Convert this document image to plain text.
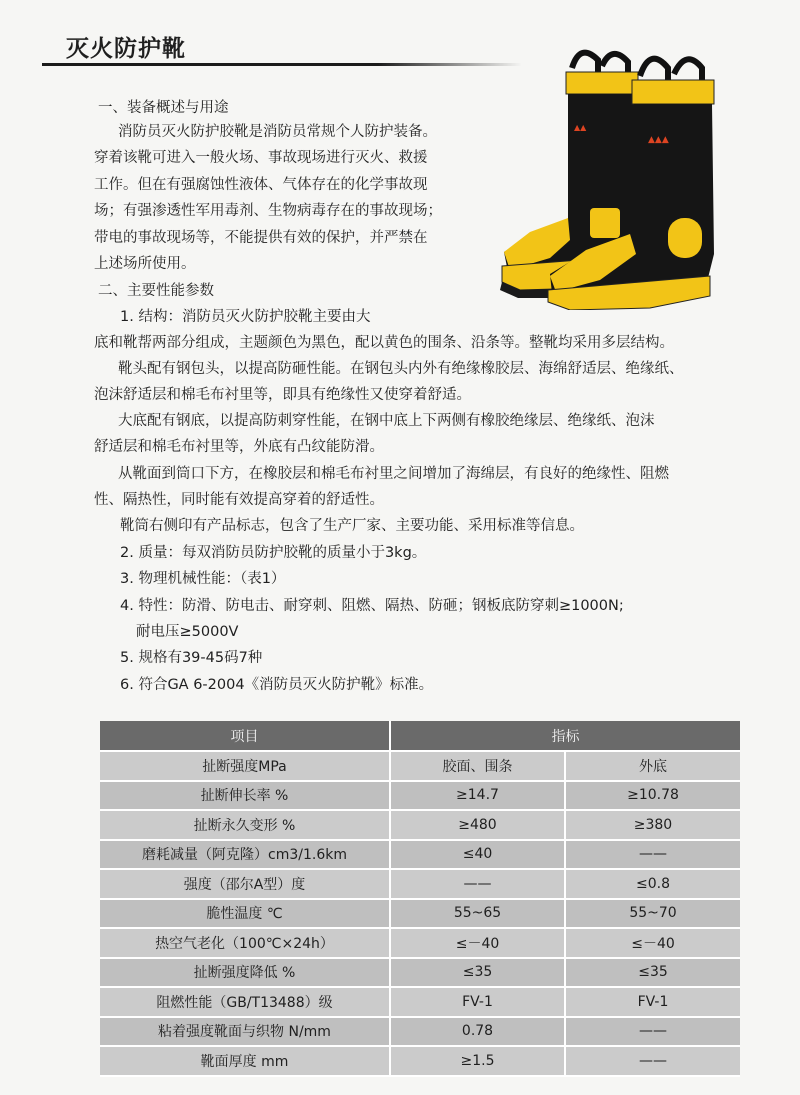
灭火防护靴
▲▲
▲▲▲
一、装备概述与用途
消防员灭火防护胶靴是消防员常规个人防护装备。
穿着该靴可进入一般火场、事故现场进行灭火、救援
工作。但在有强腐蚀性液体、气体存在的化学事故现
场；有强渗透性军用毒剂、生物病毒存在的事故现场；
带电的事故现场等，不能提供有效的保护，并严禁在
上述场所使用。
二、主要性能参数
1. 结构：消防员灭火防护胶靴主要由大
底和靴帮两部分组成，主题颜色为黑色，配以黄色的围条、沿条等。整靴均采用多层结构。
靴头配有钢包头，以提高防砸性能。在钢包头内外有绝缘橡胶层、海绵舒适层、绝缘纸、
泡沫舒适层和棉毛布衬里等，即具有绝缘性又使穿着舒适。
大底配有钢底，以提高防刺穿性能，在钢中底上下两侧有橡胶绝缘层、绝缘纸、泡沫
舒适层和棉毛布衬里等，外底有凸纹能防滑。
从靴面到筒口下方，在橡胶层和棉毛布衬里之间增加了海绵层，有良好的绝缘性、阻燃
性、隔热性，同时能有效提高穿着的舒适性。
靴筒右侧印有产品标志，包含了生产厂家、主要功能、采用标准等信息。
2. 质量：每双消防员防护胶靴的质量小于3kg。
3. 物理机械性能：（表1）
4. 特性：防滑、防电击、耐穿刺、阻燃、隔热、防砸；钢板底防穿刺≥1000N;
耐电压≥5000V
5. 规格有39-45码7种
6. 符合GA 6-2004《消防员灭火防护靴》标准。
项目	指标	
扯断强度MPa	胶面、围条	外底
扯断伸长率 %	≥14.7	≥10.78
扯断永久变形 %	≥480	≥380
磨耗减量（阿克隆）cm3/1.6km	≤40	——
强度（邵尔A型）度	——	≤0.8
脆性温度 ℃	55~65	55~70
热空气老化（100℃×24h）	≤－40	≤－40
扯断强度降低 %	≤35	≤35
阻燃性能（GB/T13488）级	FV-1	FV-1
粘着强度靴面与织物 N/mm	0.78	——
靴面厚度 mm	≥1.5	——
